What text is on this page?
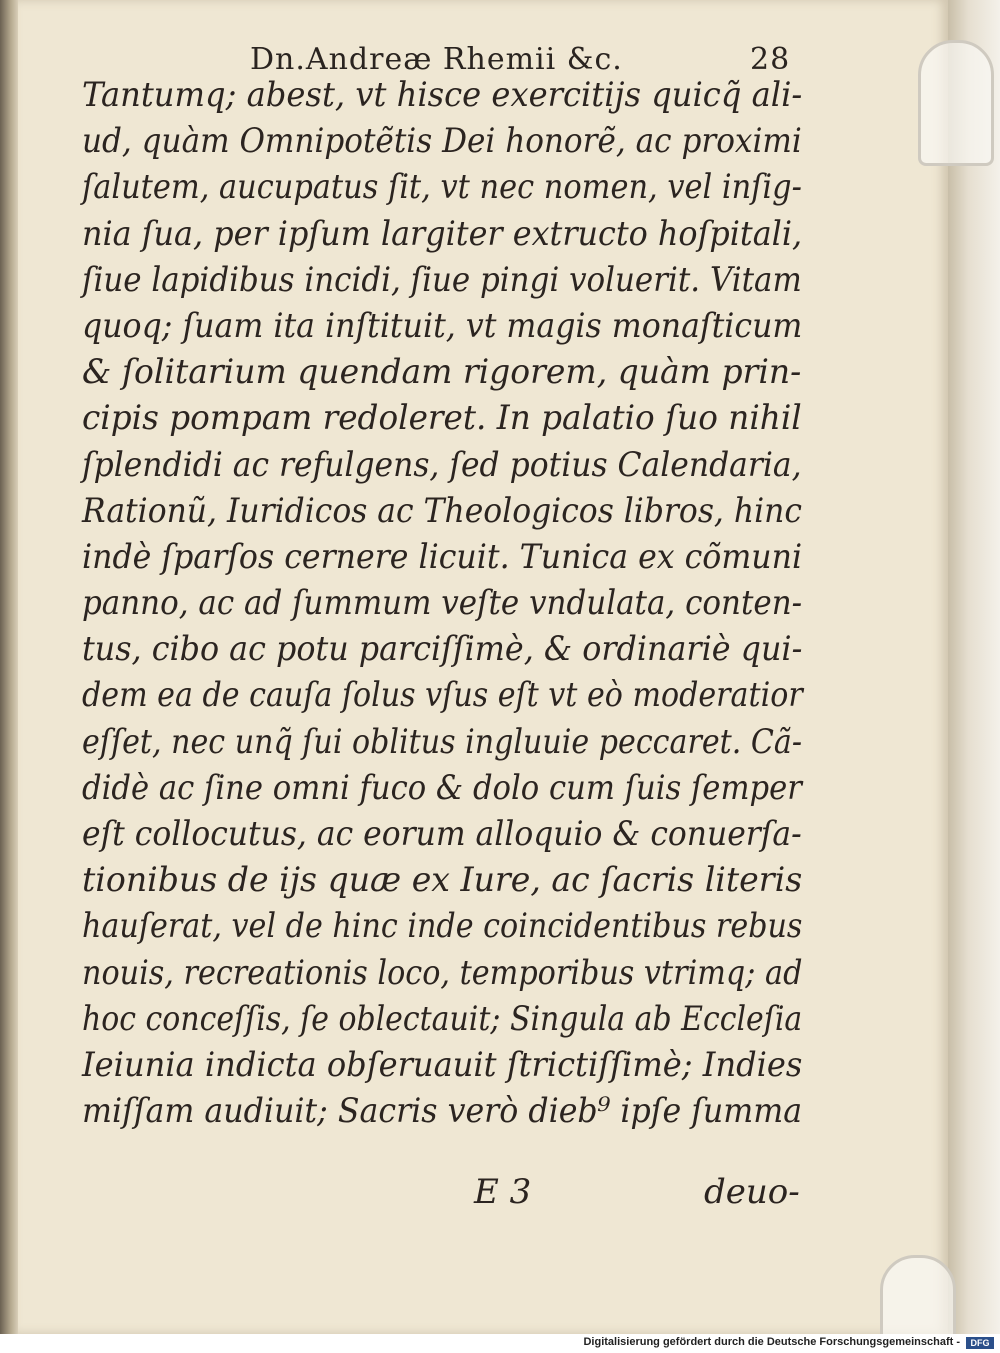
Dn.Andreæ Rhemii &c.	28
Tantumq; abest, vt hisce exercitijs quicq̃ ali-
ud, quàm Omnipotẽtis Dei honorẽ, ac proximi
ſalutem, aucupatus ſit, vt nec nomen, vel inſig-
nia ſua, per ipſum largiter extructo hoſpitali,
ſiue lapidibus incidi, ſiue pingi voluerit. Vitam
quoq; ſuam ita inſtituit, vt magis monaſticum
& ſolitarium quendam rigorem, quàm prin-
cipis pompam redoleret. In palatio ſuo nihil
ſplendidi ac refulgens, ſed potius Calendaria,
Rationũ, Iuridicos ac Theologicos libros, hinc
indè ſparſos cernere licuit. Tunica ex cõmuni
panno, ac ad ſummum veſte vndulata, conten-
tus, cibo ac potu parciſſimè, & ordinariè qui-
dem ea de cauſa ſolus vſus eſt vt eò moderatior
eſſet, nec unq̃ ſui oblitus ingluuie peccaret. Cã-
didè ac ſine omni fuco & dolo cum ſuis ſemper
eſt collocutus, ac eorum alloquio & conuerſa-
tionibus de ijs quæ ex Iure, ac ſacris literis
hauſerat, vel de hinc inde coincidentibus rebus
nouis, recreationis loco, temporibus vtrimq; ad
hoc conceſſis, ſe oblectauit; Singula ab Eccleſia
Ieiunia indicta obſeruauit ſtrictiſſimè; Indies
miſſam audiuit; Sacris verò dieb⁹ ipſe ſumma
E 3	deuo-
Digitalisierung gefördert durch die Deutsche Forschungsgemeinschaft -	DFG
